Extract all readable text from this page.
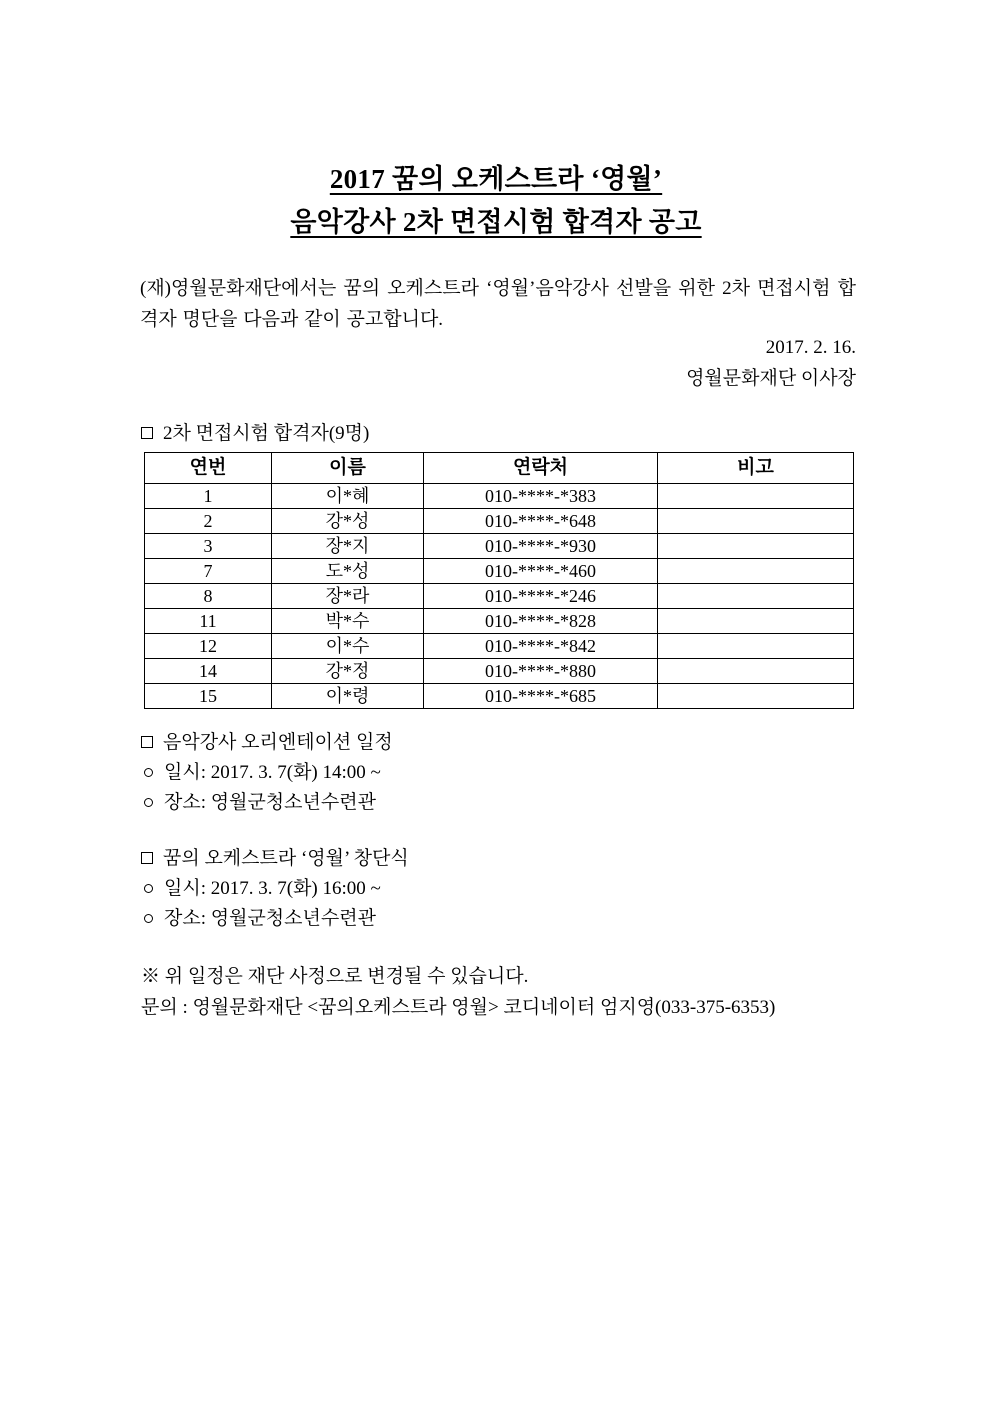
2017 꿈의 오케스트라 ‘영월’
음악강사 2차 면접시험 합격자 공고

(재)영월문화재단에서는 꿈의 오케스트라 ‘영월’음악강사 선발을 위한 2차 면접시험 합격자 명단을 다음과 같이 공고합니다.

2017. 2. 16.
영월문화재단 이사장
2차 면접시험 합격자(9명)
연번	이름	연락처	비고
1	이*혜	010-****-*383	
2	강*성	010-****-*648	
3	장*지	010-****-*930	
7	도*성	010-****-*460	
8	장*라	010-****-*246	
11	박*수	010-****-*828	
12	이*수	010-****-*842	
14	강*정	010-****-*880	
15	이*령	010-****-*685	
음악강사 오리엔테이션 일정
일시: 2017. 3. 7(화) 14:00 ~
장소: 영월군청소년수련관
꿈의 오케스트라 ‘영월’ 창단식
일시: 2017. 3. 7(화) 16:00 ~
장소: 영월군청소년수련관
※ 위 일정은 재단 사정으로 변경될 수 있습니다.
문의 : 영월문화재단 <꿈의오케스트라 영월> 코디네이터 엄지영(033-375-6353)
